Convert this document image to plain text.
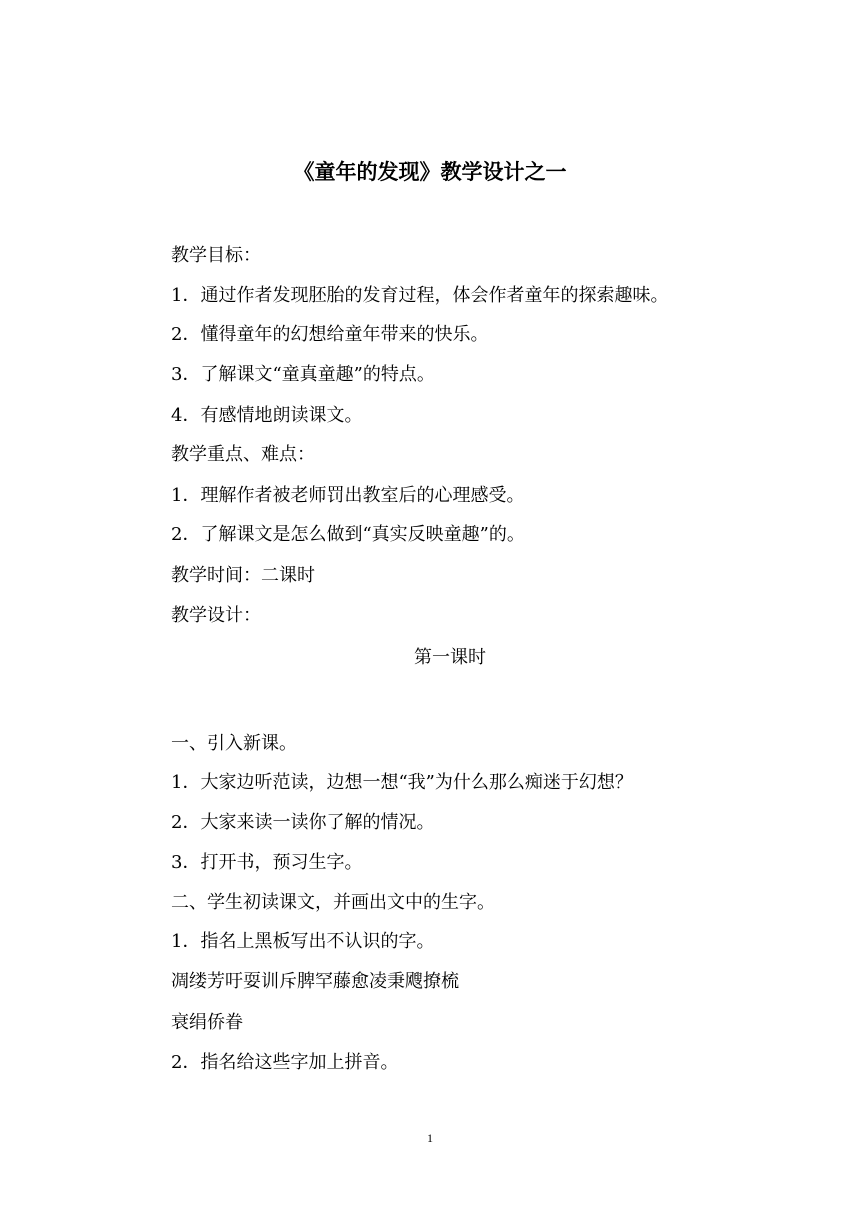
《童年的发现》教学设计之一
教学目标：
1．通过作者发现胚胎的发育过程，体会作者童年的探索趣味。
2．懂得童年的幻想给童年带来的快乐。
3．了解课文“童真童趣”的特点。
4．有感情地朗读课文。
教学重点、难点：
1．理解作者被老师罚出教室后的心理感受。
2．了解课文是怎么做到“真实反映童趣”的。
教学时间：二课时
教学设计：
第一课时
一、引入新课。
1．大家边听范读，边想一想“我”为什么那么痴迷于幻想？
2．大家来读一读你了解的情况。
3．打开书，预习生字。
二、学生初读课文，并画出文中的生字。
1．指名上黑板写出不认识的字。
凋缕芳吁耍训斥脾罕藤愈凌秉飕撩梳
衰绢侨眷
2．指名给这些字加上拼音。
1
